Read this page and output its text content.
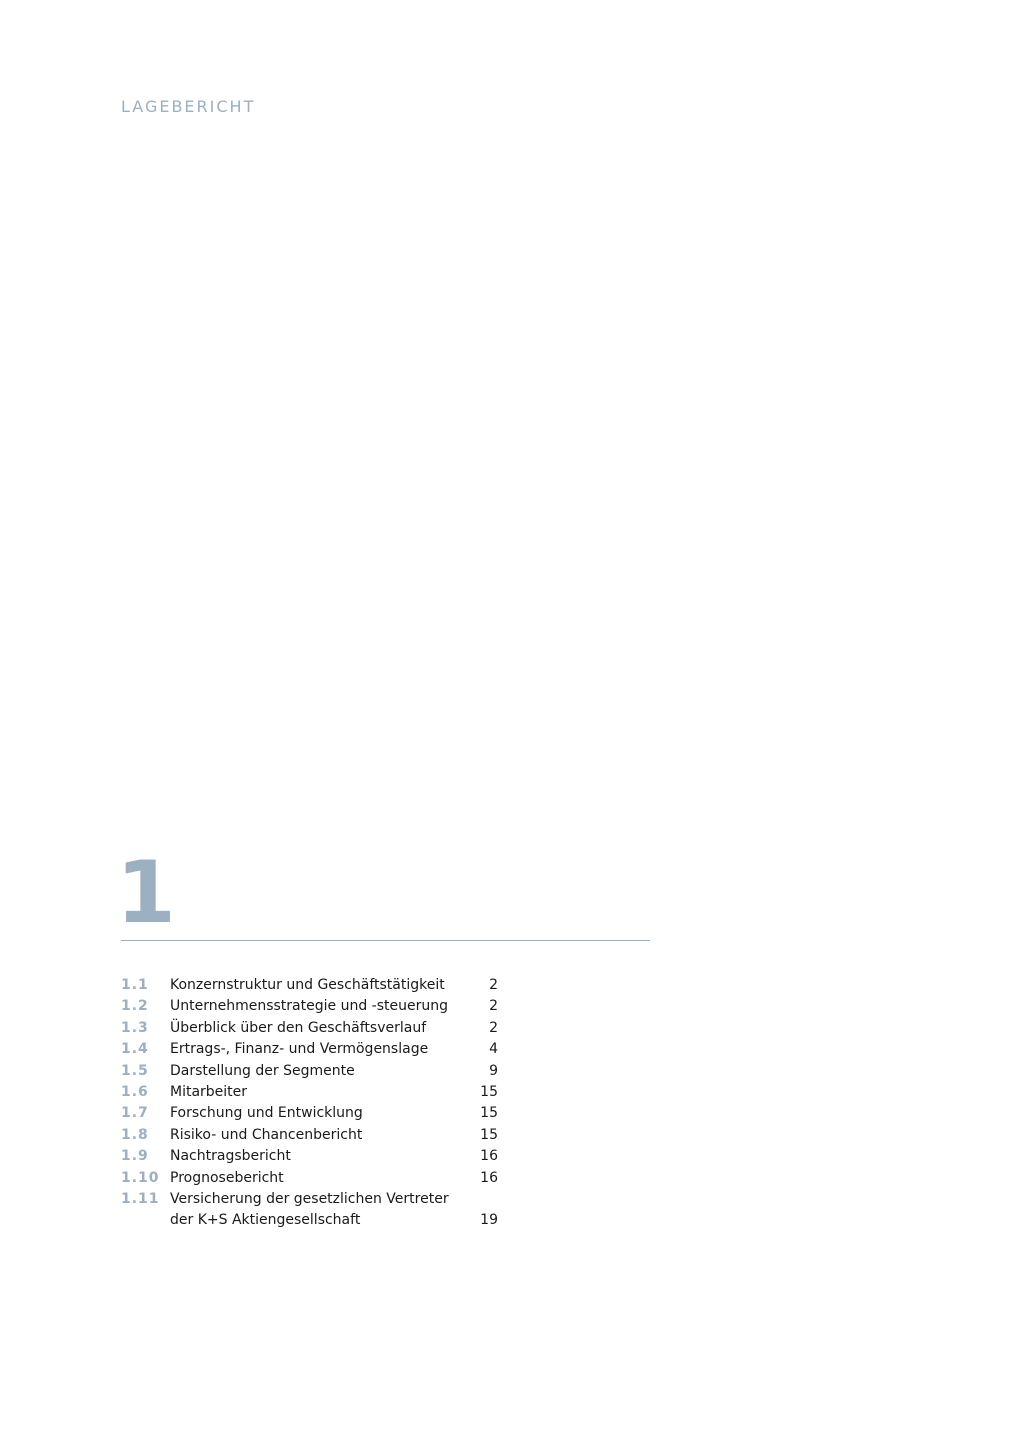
LAGEBERICHT
1
1.1 Konzernstruktur und Geschäftstätigkeit	2
1.2 Unternehmensstrategie und -steuerung	2
1.3 Überblick über den Geschäftsverlauf	2
1.4 Ertrags-, Finanz- und Vermögenslage	4
1.5 Darstellung der Segmente	9
1.6 Mitarbeiter	15
1.7 Forschung und Entwicklung	15
1.8 Risiko- und Chancenbericht	15
1.9 Nachtragsbericht	16
1.10 Prognosebericht	16
1.11 Versicherung der gesetzlichen Vertreter
der K+S Aktiengesellschaft	19
